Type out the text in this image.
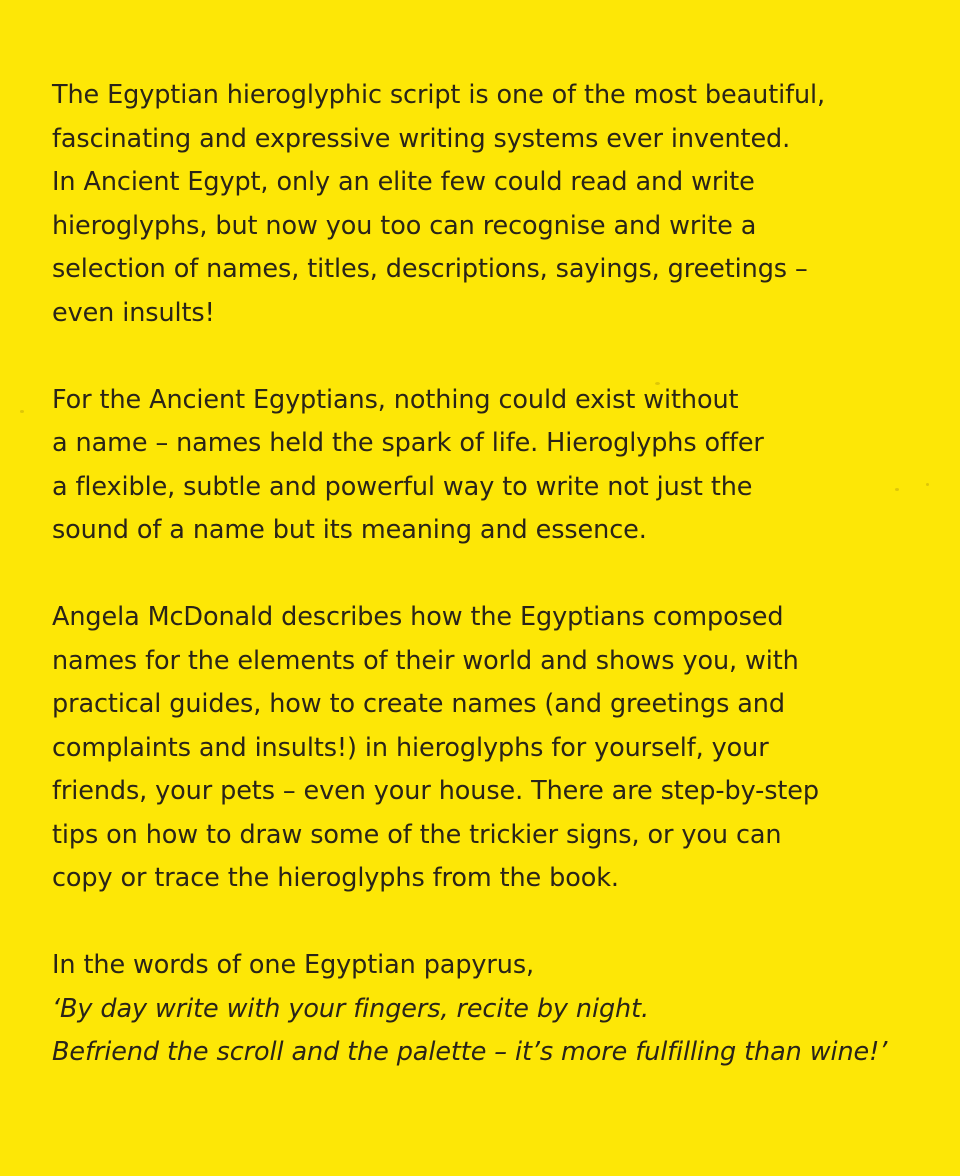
The Egyptian hieroglyphic script is one of the most beautiful,
fascinating and expressive writing systems ever invented.
In Ancient Egypt, only an elite few could read and write
hieroglyphs, but now you too can recognise and write a
selection of names, titles, descriptions, sayings, greetings –
even insults!

For the Ancient Egyptians, nothing could exist without
a name – names held the spark of life. Hieroglyphs offer
a flexible, subtle and powerful way to write not just the
sound of a name but its meaning and essence.

Angela McDonald describes how the Egyptians composed
names for the elements of their world and shows you, with
practical guides, how to create names (and greetings and
complaints and insults!) in hieroglyphs for yourself, your
friends, your pets – even your house. There are step-by-step
tips on how to draw some of the trickier signs, or you can
copy or trace the hieroglyphs from the book.

In the words of one Egyptian papyrus,

‘By day write with your fingers, recite by night.
Befriend the scroll and the palette – it’s more fulfilling than wine!’
